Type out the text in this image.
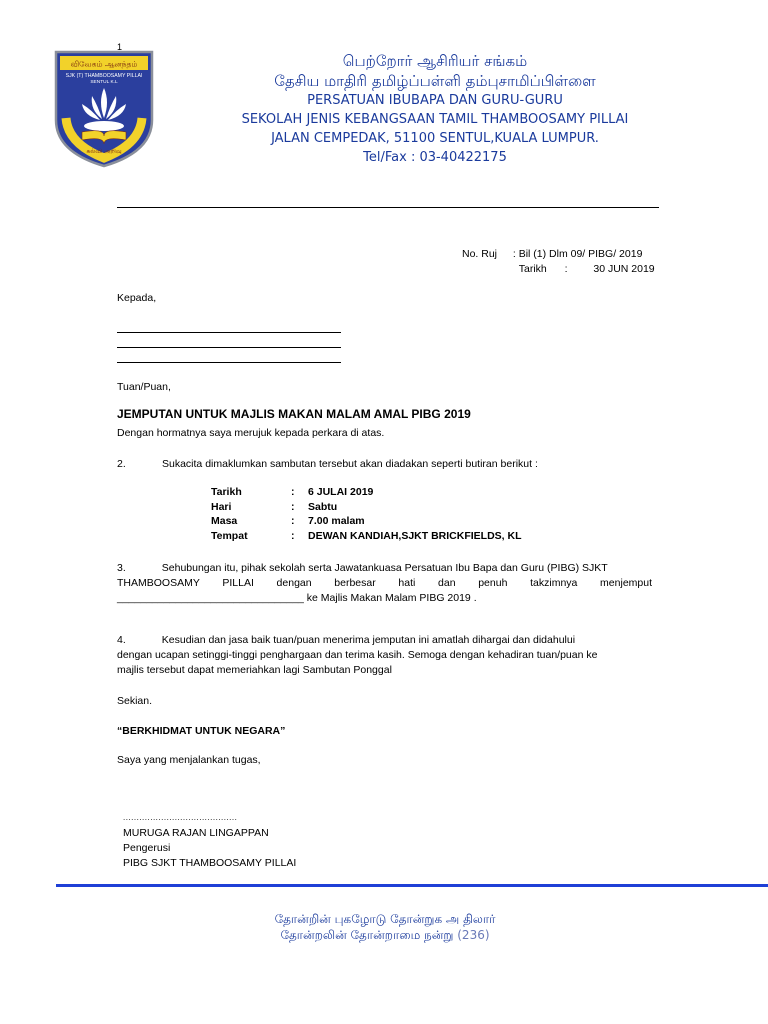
1
விவேகம் ஆனந்தம்
SJK (T) THAMBOOSAMY PILLAI
SENTUL K.L
கல்வி அறிவு
பெற்றோர் ஆசிரியர் சங்கம்
தேசிய மாதிரி தமிழ்ப்பள்ளி தம்புசாமிப்பிள்ளை
PERSATUAN IBUBAPA DAN GURU-GURU
SEKOLAH JENIS KEBANGSAAN TAMIL THAMBOOSAMY PILLAI
JALAN CEMPEDAK, 51100 SENTUL,KUALA LUMPUR.
Tel/Fax : 03-40422175
No. Ruj : Bil (1) Dlm 09/ PIBG/ 2019
Tarikh : 30 JUN 2019
Kepada,
Tuan/Puan,
JEMPUTAN UNTUK MAJLIS MAKAN MALAM AMAL PIBG 2019
Dengan hormatnya saya merujuk kepada perkara di atas.
2.	Sukacita dimaklumkan sambutan tersebut akan diadakan seperti butiran berikut :
Tarikh	:	6 JULAI 2019
Hari	:	Sabtu
Masa	:	7.00 malam
Tempat	:	DEWAN KANDIAH,SJKT BRICKFIELDS, KL
3.	Sehubungan itu, pihak sekolah serta Jawatankuasa Persatuan Ibu Bapa dan Guru (PIBG) SJKT
THAMBOOSAMY PILLAI dengan berbesar hati dan penuh takzimnya menjemput
________________________________ ke Majlis Makan Malam PIBG 2019 .
4.	Kesudian dan jasa baik tuan/puan menerima jemputan ini amatlah dihargai dan didahului
dengan ucapan setinggi-tinggi penghargaan dan terima kasih. Semoga dengan kehadiran tuan/puan ke
majlis tersebut dapat memeriahkan lagi Sambutan Ponggal
Sekian.
“BERKHIDMAT UNTUK NEGARA”
Saya yang menjalankan tugas,
..........................................
MURUGA RAJAN LINGAPPAN
Pengerusi
PIBG SJKT THAMBOOSAMY PILLAI
தோன்றின் புகழோடு தோன்றுக அ திலார்
தோன்றலின் தோன்றாமை நன்று (236)
